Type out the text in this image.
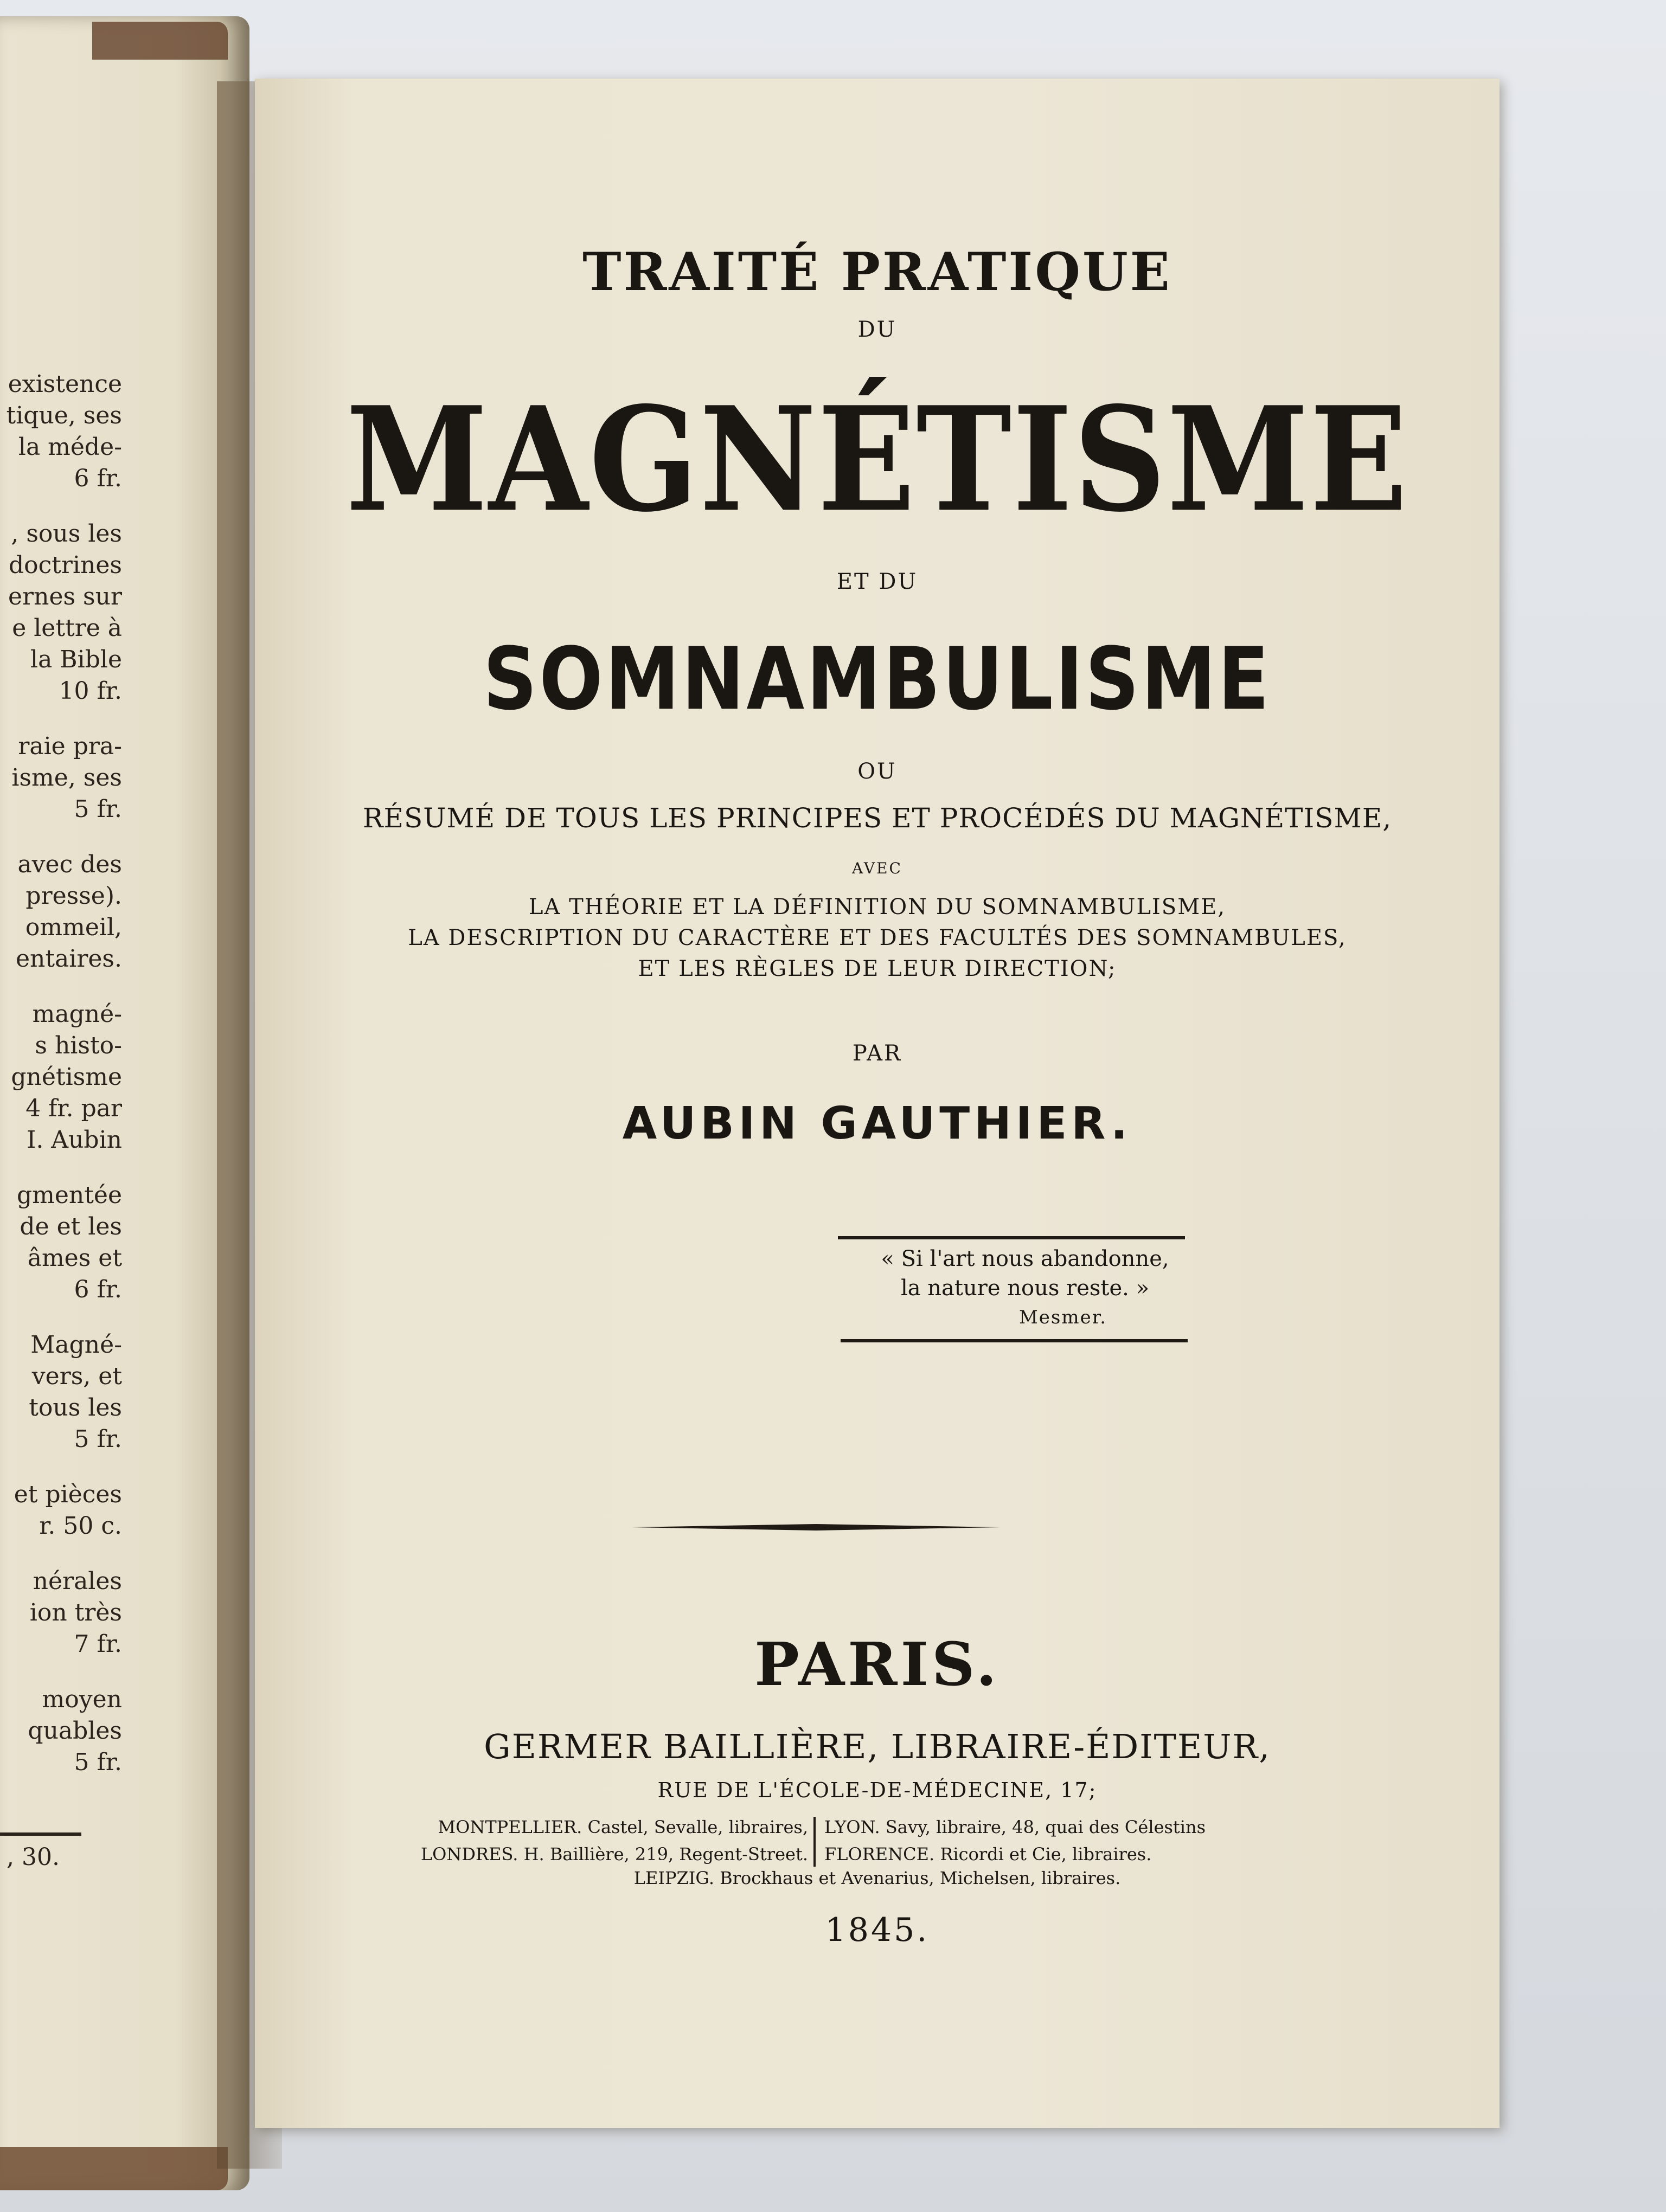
existence
tique, ses
la méde-
6 fr.
, sous les
doctrines
ernes sur
e lettre à
la Bible
10 fr.
raie pra-
isme, ses
5 fr.
avec des
presse).
ommeil,
entaires.
magné-
s histo-
gnétisme
4 fr. par
I. Aubin
gmentée
de et les
âmes et
6 fr.
Magné-
vers, et
tous les
5 fr.
et pièces
r. 50 c.
nérales
ion très
7 fr.
moyen
quables
5 fr.
, 30.
TRAITÉ PRATIQUE
DU
MAGNÉTISME
ET DU
SOMNAMBULISME
OU
RÉSUMÉ DE TOUS LES PRINCIPES ET PROCÉDÉS DU MAGNÉTISME,
AVEC
LA THÉORIE ET LA DÉFINITION DU SOMNAMBULISME,
LA DESCRIPTION DU CARACTÈRE ET DES FACULTÉS DES SOMNAMBULES,
ET LES RÈGLES DE LEUR DIRECTION;
PAR
AUBIN GAUTHIER.
« Si l'art nous abandonne,
la nature nous reste. »
Mesmer.
PARIS.
GERMER BAILLIÈRE, LIBRAIRE-ÉDITEUR,
RUE DE L'ÉCOLE-DE-MÉDECINE, 17;
MONTPELLIER. Castel, Sevalle, libraires,
LONDRES. H. Baillière, 219, Regent-Street.
LYON. Savy, libraire, 48, quai des Célestins
FLORENCE. Ricordi et Cie, libraires.
LEIPZIG. Brockhaus et Avenarius, Michelsen, libraires.
1845.
